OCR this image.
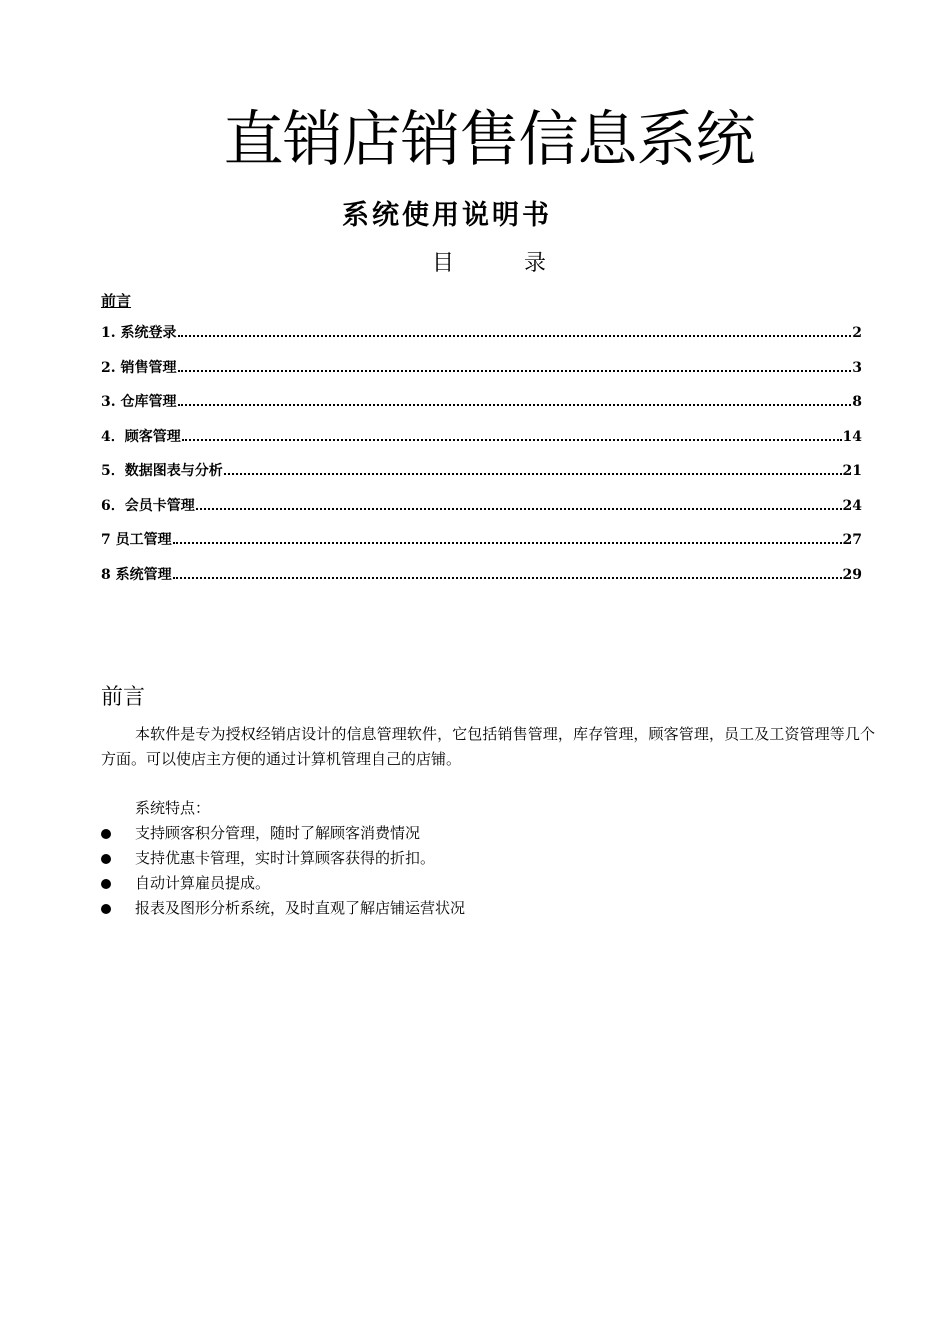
直销店销售信息系统
系统使用说明书
目	录
前言
1. 系统登录	2
2. 销售管理	3
3. 仓库管理	8
4．顾客管理	14
5．数据图表与分析	21
6．会员卡管理	24
7 员工管理	27
8 系统管理	29
前言

本软件是专为授权经销店设计的信息管理软件，它包括销售管理，库存管理，顾客管理，员工及工资管理等几个方面。可以使店主方便的通过计算机管理自己的店铺。

系统特点：
支持顾客积分管理，随时了解顾客消费情况
支持优惠卡管理，实时计算顾客获得的折扣。
自动计算雇员提成。
报表及图形分析系统，及时直观了解店铺运营状况
